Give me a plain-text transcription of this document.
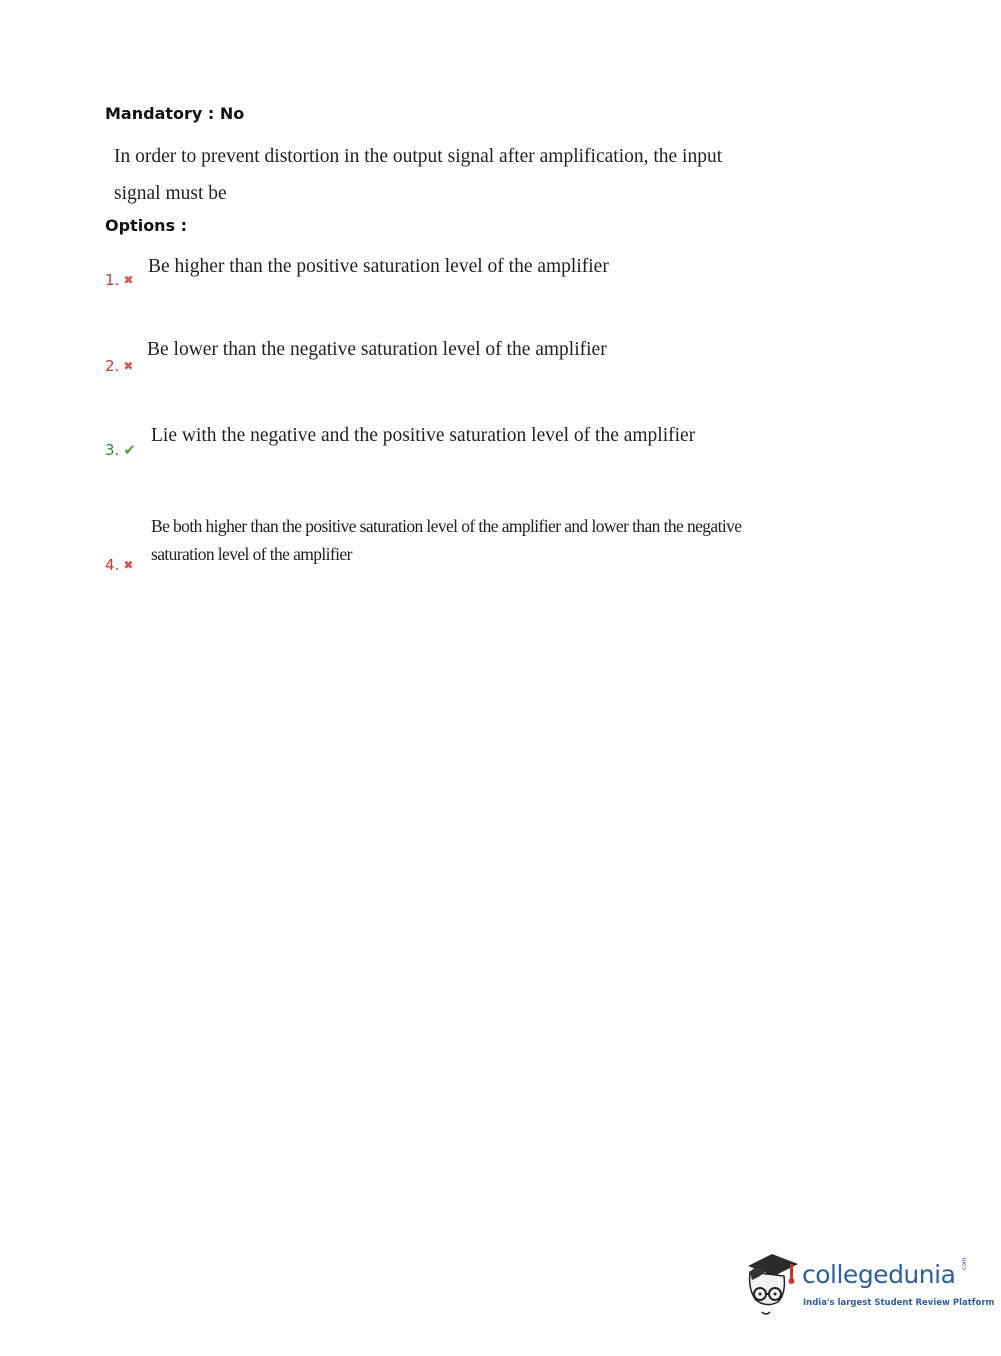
Mandatory : No
In order to prevent distortion in the output signal after amplification, the input signal must be
Options :
1. ✖
Be higher than the positive saturation level of the amplifier
2. ✖
Be lower than the negative saturation level of the amplifier
3. ✔
Lie with the negative and the positive saturation level of the amplifier
4. ✖
Be both higher than the positive saturation level of the amplifier and lower than the negative saturation level of the amplifier
collegedunia .com
India's largest Student Review Platform
